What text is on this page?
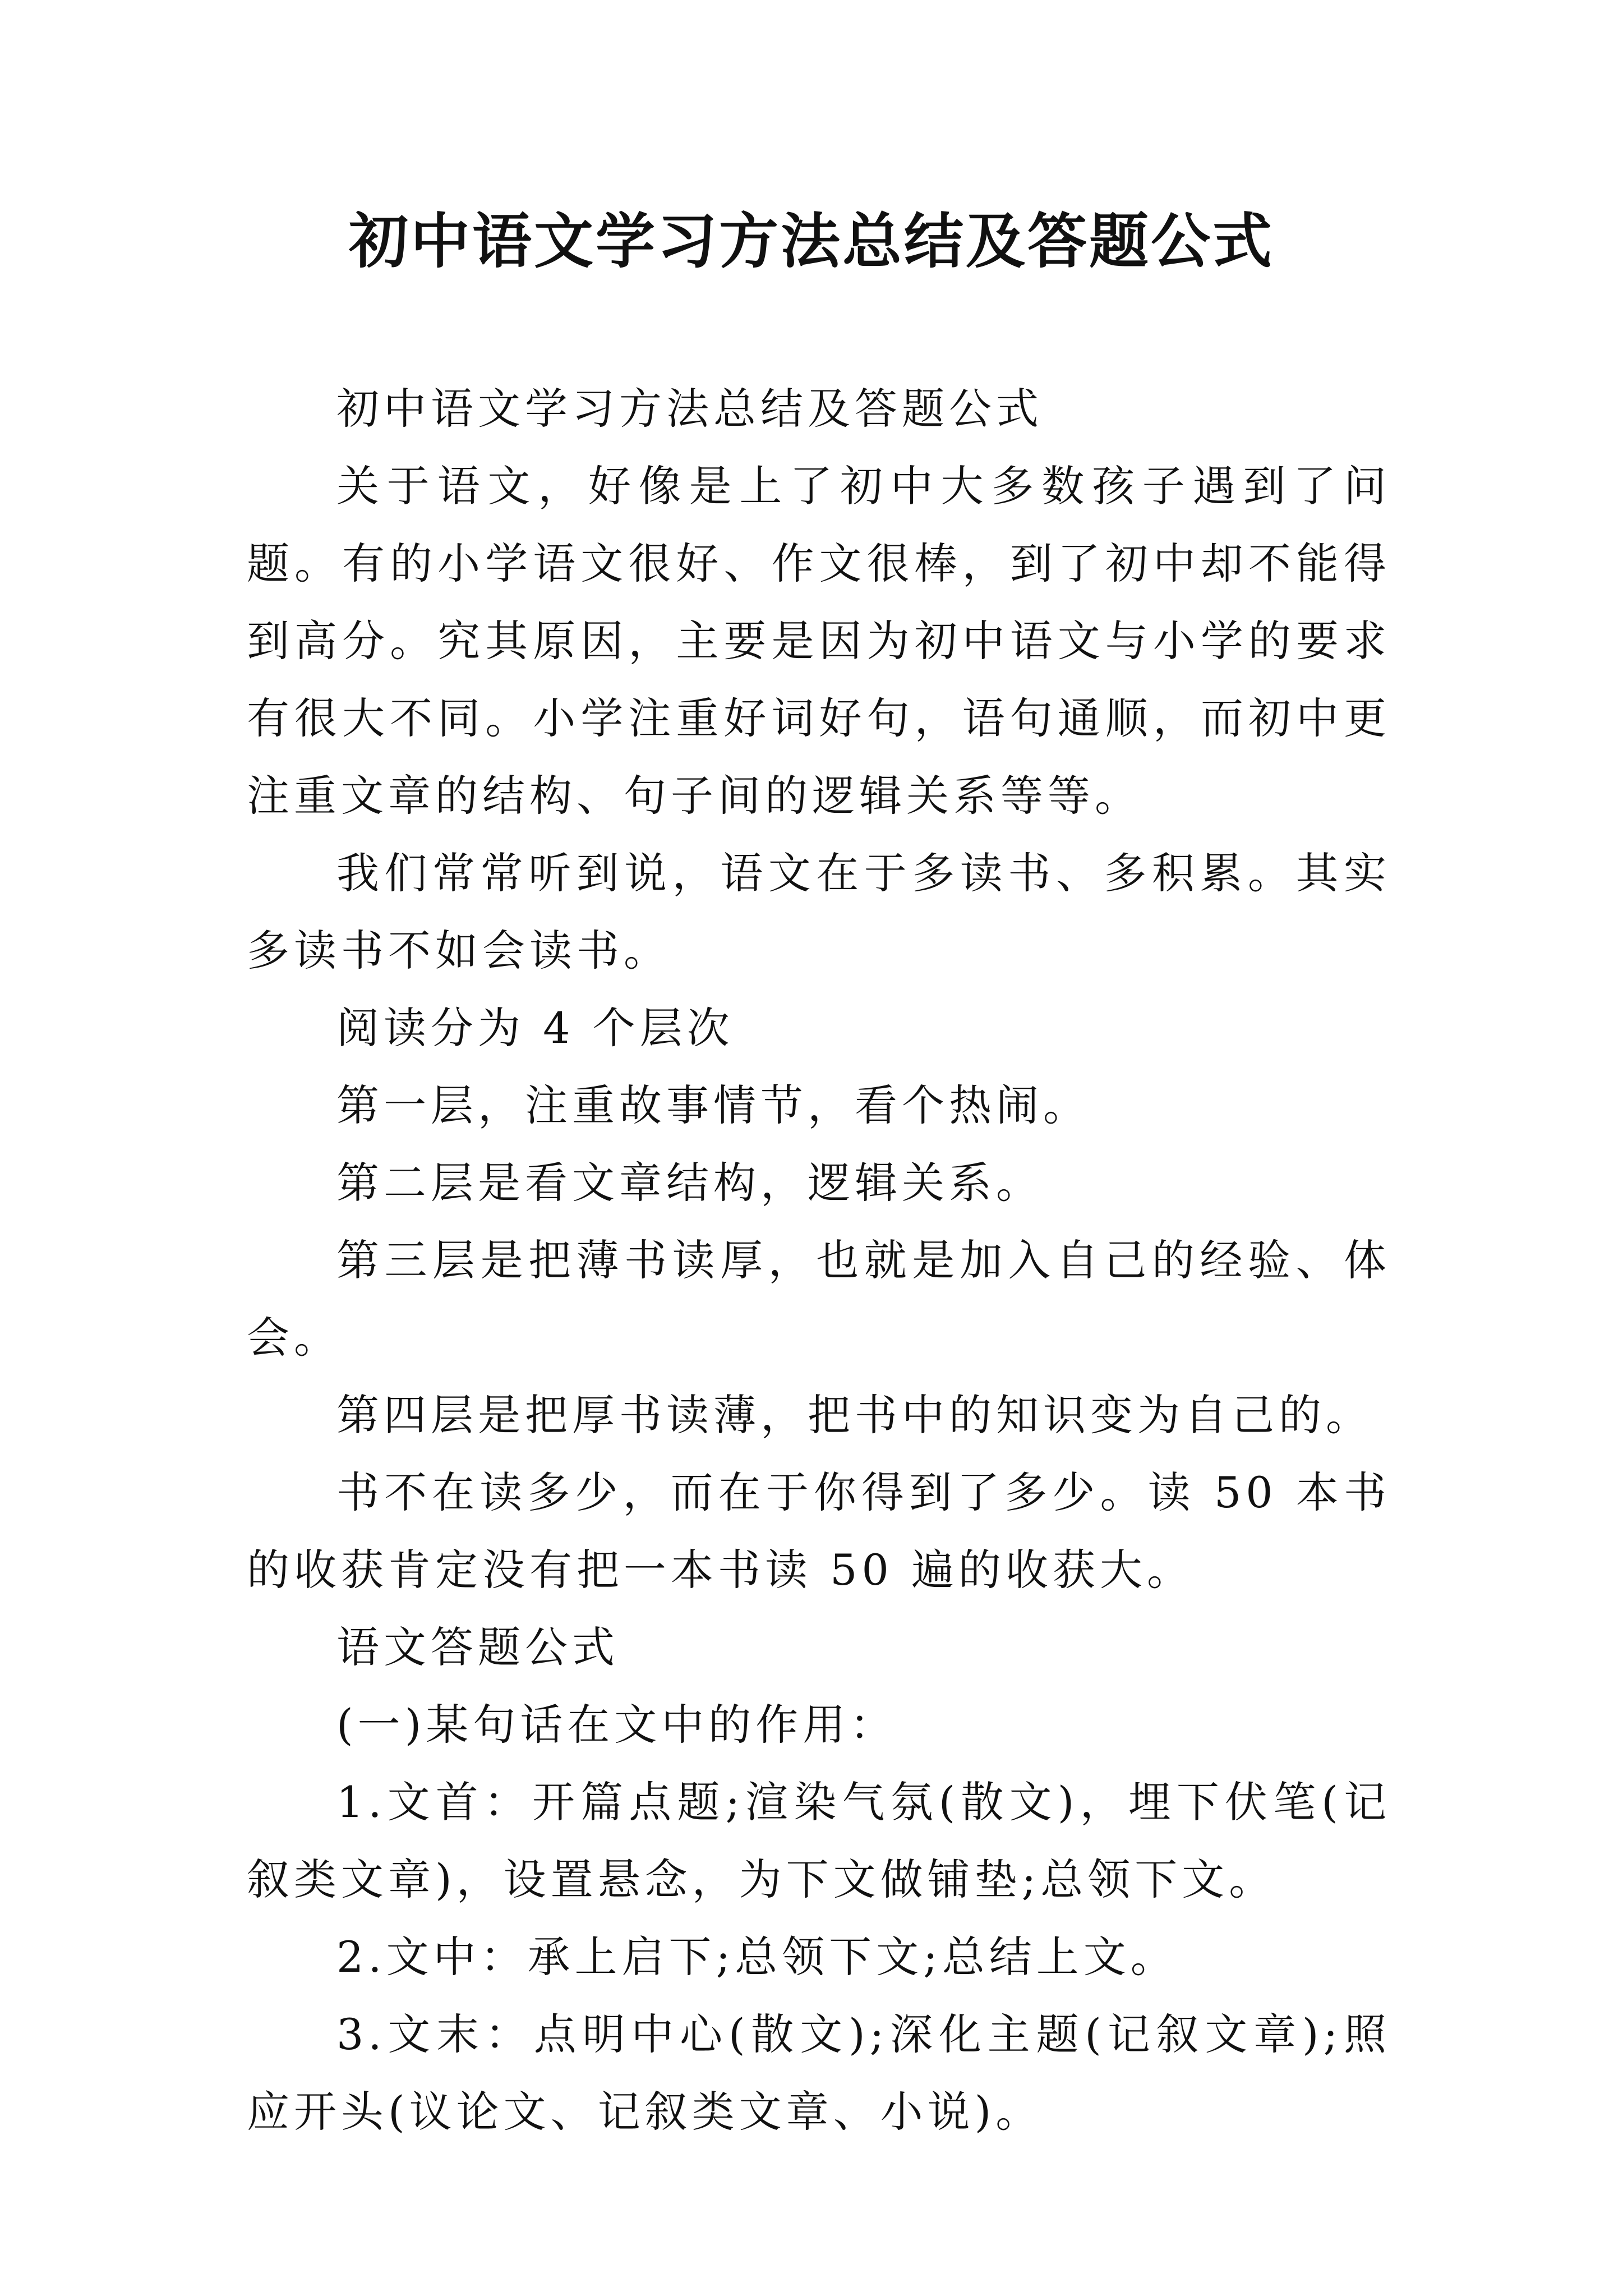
初中语文学习方法总结及答题公式

初中语文学习方法总结及答题公式

关于语文，好像是上了初中大多数孩子遇到了问题。有的小学语文很好、作文很棒，到了初中却不能得到高分。究其原因，主要是因为初中语文与小学的要求有很大不同。小学注重好词好句，语句通顺，而初中更注重文章的结构、句子间的逻辑关系等等。

我们常常听到说，语文在于多读书、多积累。其实多读书不如会读书。

阅读分为 4 个层次

第一层，注重故事情节，看个热闹。

第二层是看文章结构，逻辑关系。

第三层是把薄书读厚，也就是加入自己的经验、体会。

第四层是把厚书读薄，把书中的知识变为自己的。

书不在读多少，而在于你得到了多少。读 50 本书的收获肯定没有把一本书读 50 遍的收获大。

语文答题公式

(一)某句话在文中的作用：

1.文首：开篇点题;渲染气氛(散文)，埋下伏笔(记叙类文章)，设置悬念，为下文做铺垫;总领下文。

2.文中：承上启下;总领下文;总结上文。

3.文末：点明中心(散文);深化主题(记叙文章);照应开头(议论文、记叙类文章、小说)。
